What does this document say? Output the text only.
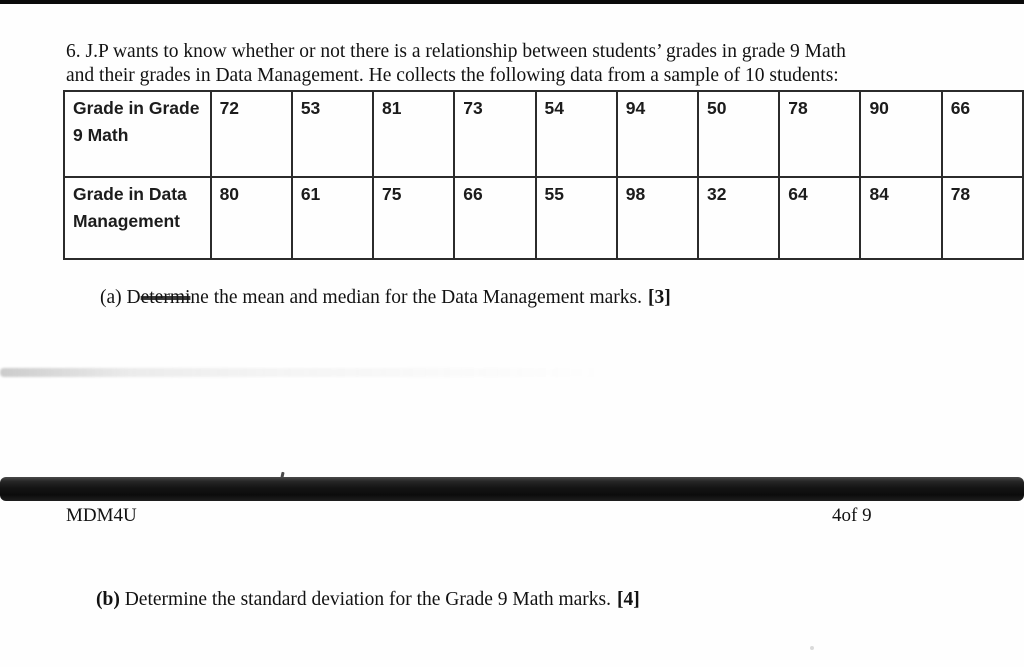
6. J.P wants to know whether or not there is a relationship between students’ grades in grade 9 Math
and their grades in Data Management. He collects the following data from a sample of 10 students:
Grade in Grade 9 Math	72	53	81	73	54	94	50	78	90	66
Grade in Data Management	80	61	75	66	55	98	32	64	84	78
(a) Determine the mean and median for the Data Management marks. [3]
MDM4U	4of 9
(b) Determine the standard deviation for the Grade 9 Math marks. [4]
